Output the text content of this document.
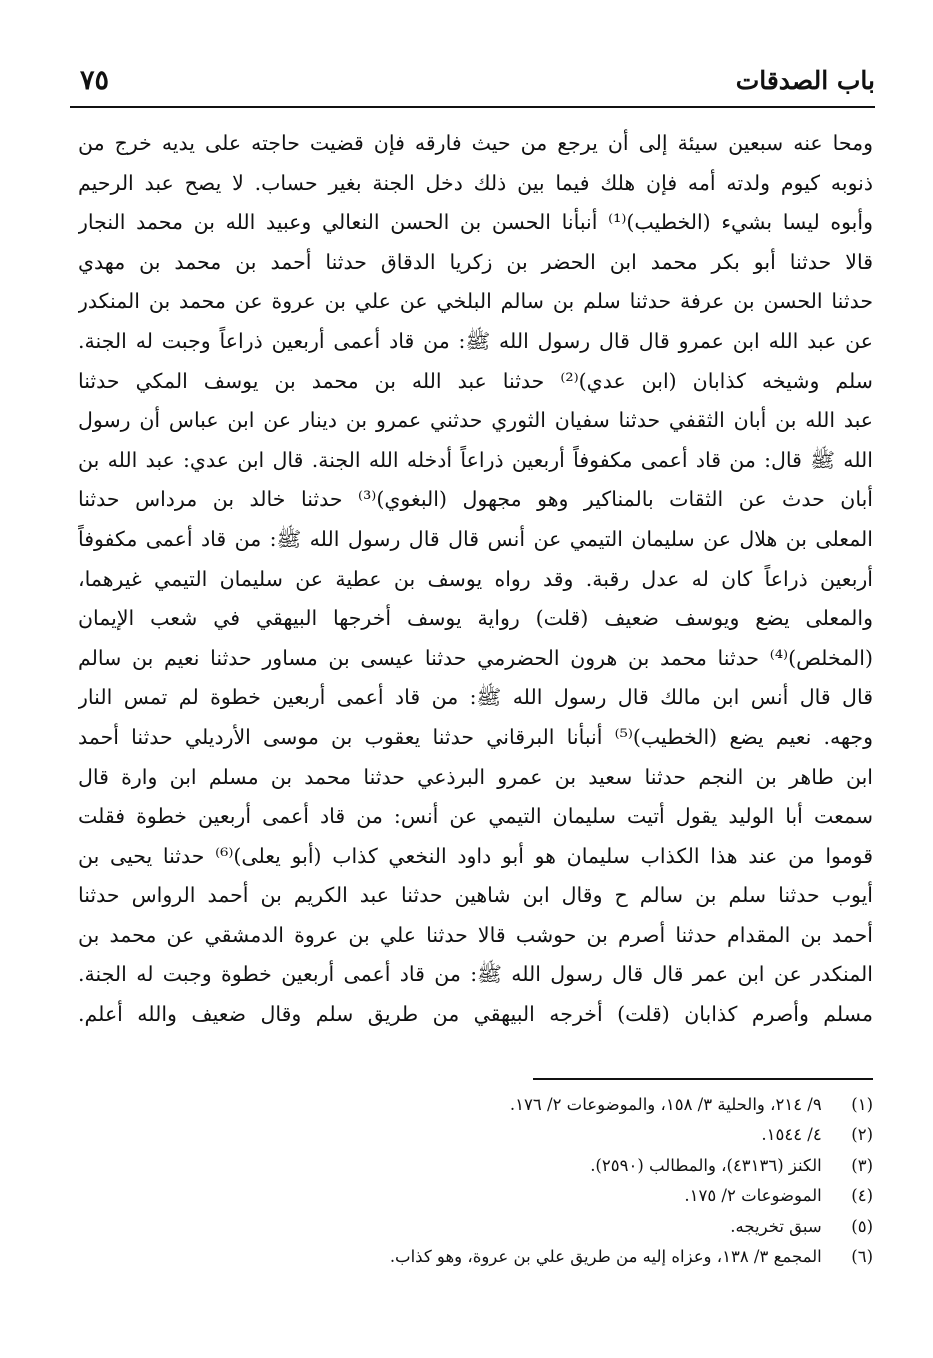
باب الصدقات
٧٥
ومحا عنه سبعين سيئة إلى أن يرجع من حيث فارقه فإن قضيت حاجته على يديه خرج من
ذنوبه كيوم ولدته أمه فإن هلك فيما بين ذلك دخل الجنة بغير حساب. لا يصح عبد الرحيم
وأبوه ليسا بشيء (الخطيب)⁽¹⁾ أنبأنا الحسن بن الحسن النعالي وعبيد الله بن محمد النجار
قالا حدثنا أبو بكر محمد ابن الحضر بن زكريا الدقاق حدثنا أحمد بن محمد بن مهدي
حدثنا الحسن بن عرفة حدثنا سلم بن سالم البلخي عن علي بن عروة عن محمد بن المنكدر
عن عبد الله ابن عمرو قال قال رسول الله ﷺ: من قاد أعمى أربعين ذراعاً وجبت له الجنة.
سلم وشيخه كذابان (ابن عدي)⁽²⁾ حدثنا عبد الله بن محمد بن يوسف المكي حدثنا
عبد الله بن أبان الثقفي حدثنا سفيان الثوري حدثني عمرو بن دينار عن ابن عباس أن رسول
الله ﷺ قال: من قاد أعمى مكفوفاً أربعين ذراعاً أدخله الله الجنة. قال ابن عدي: عبد الله بن
أبان حدث عن الثقات بالمناكير وهو مجهول (البغوي)⁽³⁾ حدثنا خالد بن مرداس حدثنا
المعلى بن هلال عن سليمان التيمي عن أنس قال قال رسول الله ﷺ: من قاد أعمى مكفوفاً
أربعين ذراعاً كان له عدل رقبة. وقد رواه يوسف بن عطية عن سليمان التيمي غيرهما،
والمعلى يضع ويوسف ضعيف (قلت) رواية يوسف أخرجها البيهقي في شعب الإيمان
(المخلص)⁽⁴⁾ حدثنا محمد بن هرون الحضرمي حدثنا عيسى بن مساور حدثنا نعيم بن سالم
قال قال أنس ابن مالك قال رسول الله ﷺ: من قاد أعمى أربعين خطوة لم تمس النار
وجهه. نعيم يضع (الخطيب)⁽⁵⁾ أنبأنا البرقاني حدثنا يعقوب بن موسى الأرديلي حدثنا أحمد
ابن طاهر بن النجم حدثنا سعيد بن عمرو البرذعي حدثنا محمد بن مسلم ابن وارة قال
سمعت أبا الوليد يقول أتيت سليمان التيمي عن أنس: من قاد أعمى أربعين خطوة فقلت
قوموا من عند هذا الكذاب سليمان هو أبو داود النخعي كذاب (أبو يعلى)⁽⁶⁾ حدثنا يحيى بن
أيوب حدثنا سلم بن سالم ح وقال ابن شاهين حدثنا عبد الكريم بن أحمد الرواس حدثنا
أحمد بن المقدام حدثنا أصرم بن حوشب قالا حدثنا علي بن عروة الدمشقي عن محمد بن
المنكدر عن ابن عمر قال قال رسول الله ﷺ: من قاد أعمى أربعين خطوة وجبت له الجنة.
مسلم وأصرم كذابان (قلت) أخرجه البيهقي من طريق سلم وقال ضعيف والله أعلم.
(١) ٩/ ٢١٤، والحلية ٣/ ١٥٨، والموضوعات ٢/ ١٧٦.
(٢) ٤/ ١٥٤٤.
(٣) الكنز (٤٣١٣٦)، والمطالب (٢٥٩٠).
(٤) الموضوعات ٢/ ١٧٥.
(٥) سبق تخريجه.
(٦) المجمع ٣/ ١٣٨، وعزاه إليه من طريق علي بن عروة، وهو كذاب.
